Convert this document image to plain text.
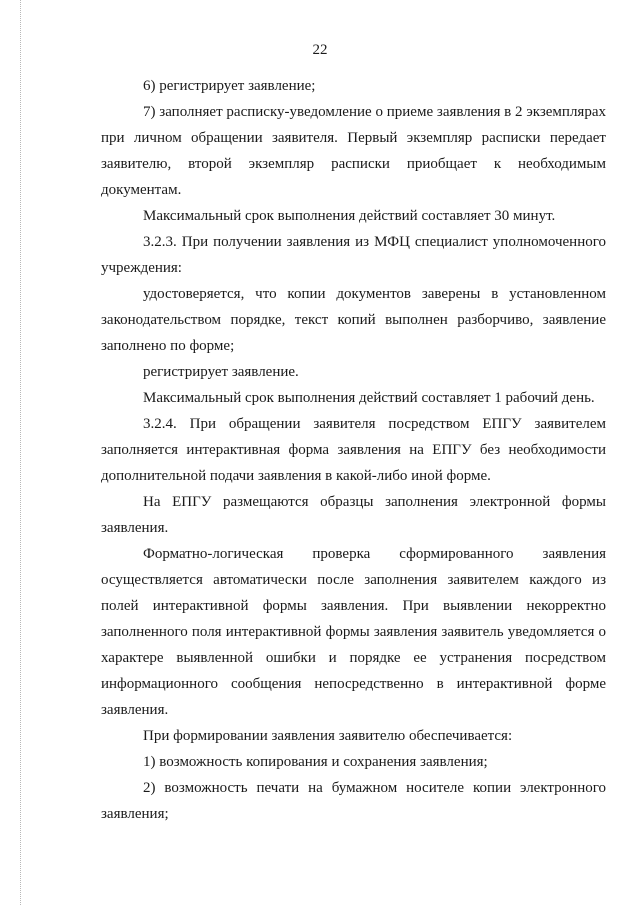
22

6) регистрирует заявление;

7) заполняет расписку-уведомление о приеме заявления в 2 экземплярах

при личном обращении заявителя. Первый экземпляр расписки передает

заявителю, второй экземпляр расписки приобщает к необходимым

документам.

Максимальный срок выполнения действий составляет 30 минут.

3.2.3. При получении заявления из МФЦ специалист уполномоченного

учреждения:

удостоверяется, что копии документов заверены в установленном

законодательством порядке, текст копий выполнен разборчиво, заявление

заполнено по форме;

регистрирует заявление.

Максимальный срок выполнения действий составляет 1 рабочий день.

3.2.4. При обращении заявителя посредством ЕПГУ заявителем

заполняется интерактивная форма заявления на ЕПГУ без необходимости

дополнительной подачи заявления в какой-либо иной форме.

На ЕПГУ размещаются образцы заполнения электронной формы

заявления.

Форматно-логическая проверка сформированного заявления

осуществляется автоматически после заполнения заявителем каждого из

полей интерактивной формы заявления. При выявлении некорректно

заполненного поля интерактивной формы заявления заявитель уведомляется о

характере выявленной ошибки и порядке ее устранения посредством

информационного сообщения непосредственно в интерактивной форме

заявления.

При формировании заявления заявителю обеспечивается:

1) возможность копирования и сохранения заявления;

2) возможность печати на бумажном носителе копии электронного

заявления;
